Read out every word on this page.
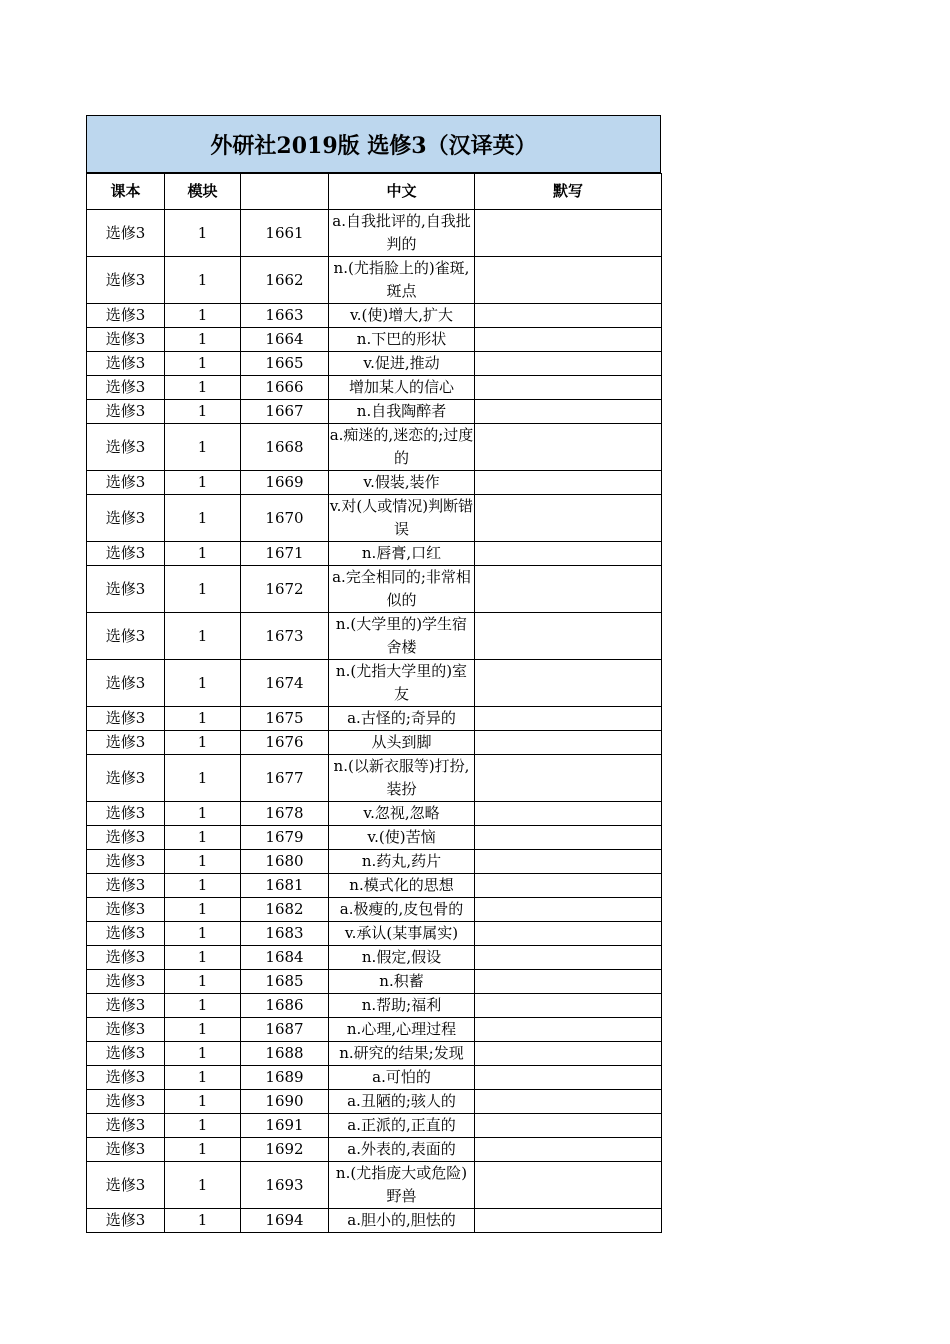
外研社2019版 选修3（汉译英）
课本	模块		中文	默写
选修3	1	1661	a.自我批评的,自我批判的	

选修3	1	1662	n.(尤指脸上的)雀斑,斑点	

选修3	1	1663	v.(使)增大,扩大	

选修3	1	1664	n.下巴的形状	

选修3	1	1665	v.促进,推动	

选修3	1	1666	增加某人的信心	

选修3	1	1667	n.自我陶醉者	

选修3	1	1668	a.痴迷的,迷恋的;过度的	

选修3	1	1669	v.假装,装作	

选修3	1	1670	v.对(人或情况)判断错误	

选修3	1	1671	n.唇膏,口红	

选修3	1	1672	a.完全相同的;非常相似的	

选修3	1	1673	n.(大学里的)学生宿舍楼	

选修3	1	1674	n.(尤指大学里的)室友	

选修3	1	1675	a.古怪的;奇异的	

选修3	1	1676	从头到脚	

选修3	1	1677	n.(以新衣服等)打扮,装扮	

选修3	1	1678	v.忽视,忽略	

选修3	1	1679	v.(使)苦恼	

选修3	1	1680	n.药丸,药片	

选修3	1	1681	n.模式化的思想	

选修3	1	1682	a.极瘦的,皮包骨的	

选修3	1	1683	v.承认(某事属实)	

选修3	1	1684	n.假定,假设	

选修3	1	1685	n.积蓄	

选修3	1	1686	n.帮助;福利	

选修3	1	1687	n.心理,心理过程	

选修3	1	1688	n.研究的结果;发现	

选修3	1	1689	a.可怕的	

选修3	1	1690	a.丑陋的;骇人的	

选修3	1	1691	a.正派的,正直的	

选修3	1	1692	a.外表的,表面的	

选修3	1	1693	n.(尤指庞大或危险)野兽	

选修3	1	1694	a.胆小的,胆怯的	
